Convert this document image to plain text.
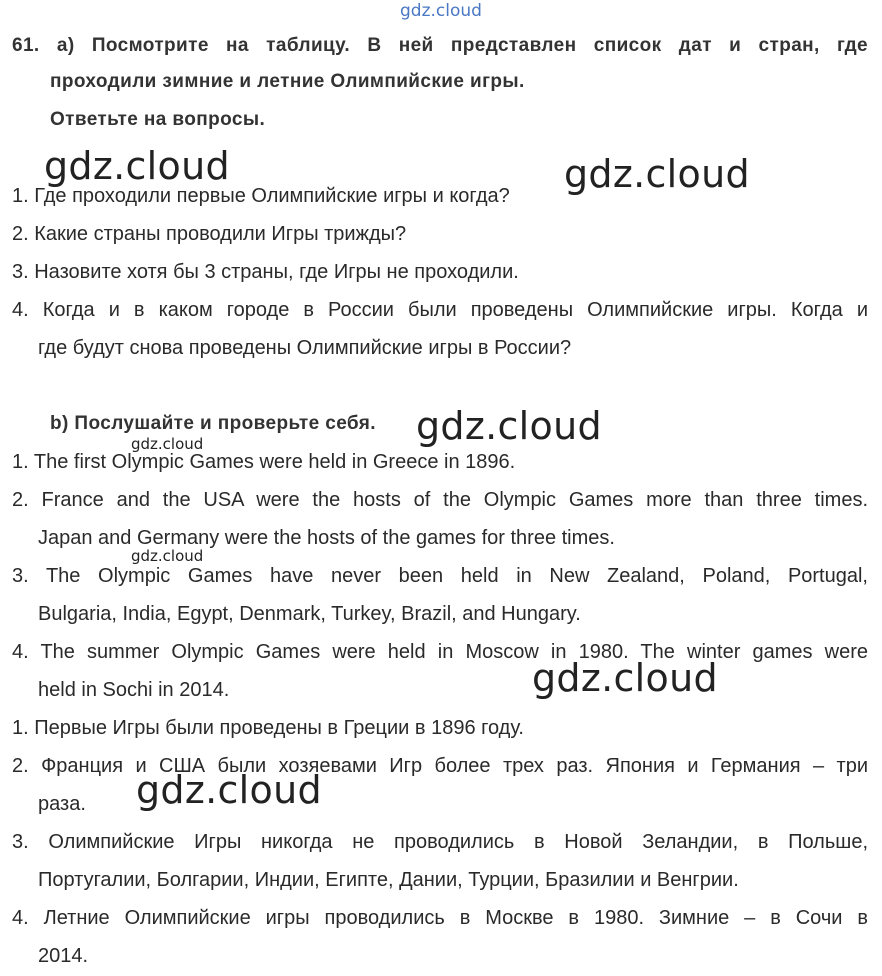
gdz.cloud
61. a) Посмотрите на таблицу. В ней представлен список дат и стран, где
проходили зимние и летние Олимпийские игры.
Ответьте на вопросы.
1. Где проходили первые Олимпийские игры и когда?
2. Какие страны проводили Игры трижды?
3. Назовите хотя бы 3 страны, где Игры не проходили.
4. Когда и в каком городе в России были проведены Олимпийские игры. Когда и
где будут снова проведены Олимпийские игры в России?
b) Послушайте и проверьте себя.
1. The first Olympic Games were held in Greece in 1896.
2. France and the USA were the hosts of the Olympic Games more than three times.
Japan and Germany were the hosts of the games for three times.
3. The Olympic Games have never been held in New Zealand, Poland, Portugal,
Bulgaria, India, Egypt, Denmark, Turkey, Brazil, and Hungary.
4. The summer Olympic Games were held in Moscow in 1980. The winter games were
held in Sochi in 2014.
1. Первые Игры были проведены в Греции в 1896 году.
2. Франция и США были хозяевами Игр более трех раз. Япония и Германия – три
раза.
3. Олимпийские Игры никогда не проводились в Новой Зеландии, в Польше,
Португалии, Болгарии, Индии, Египте, Дании, Турции, Бразилии и Венгрии.
4. Летние Олимпийские игры проводились в Москве в 1980. Зимние – в Сочи в
2014.
gdz.cloud	gdz.cloud
gdz.cloud
gdz.cloud
gdz.cloud
gdz.cloud
gdz.cloud
